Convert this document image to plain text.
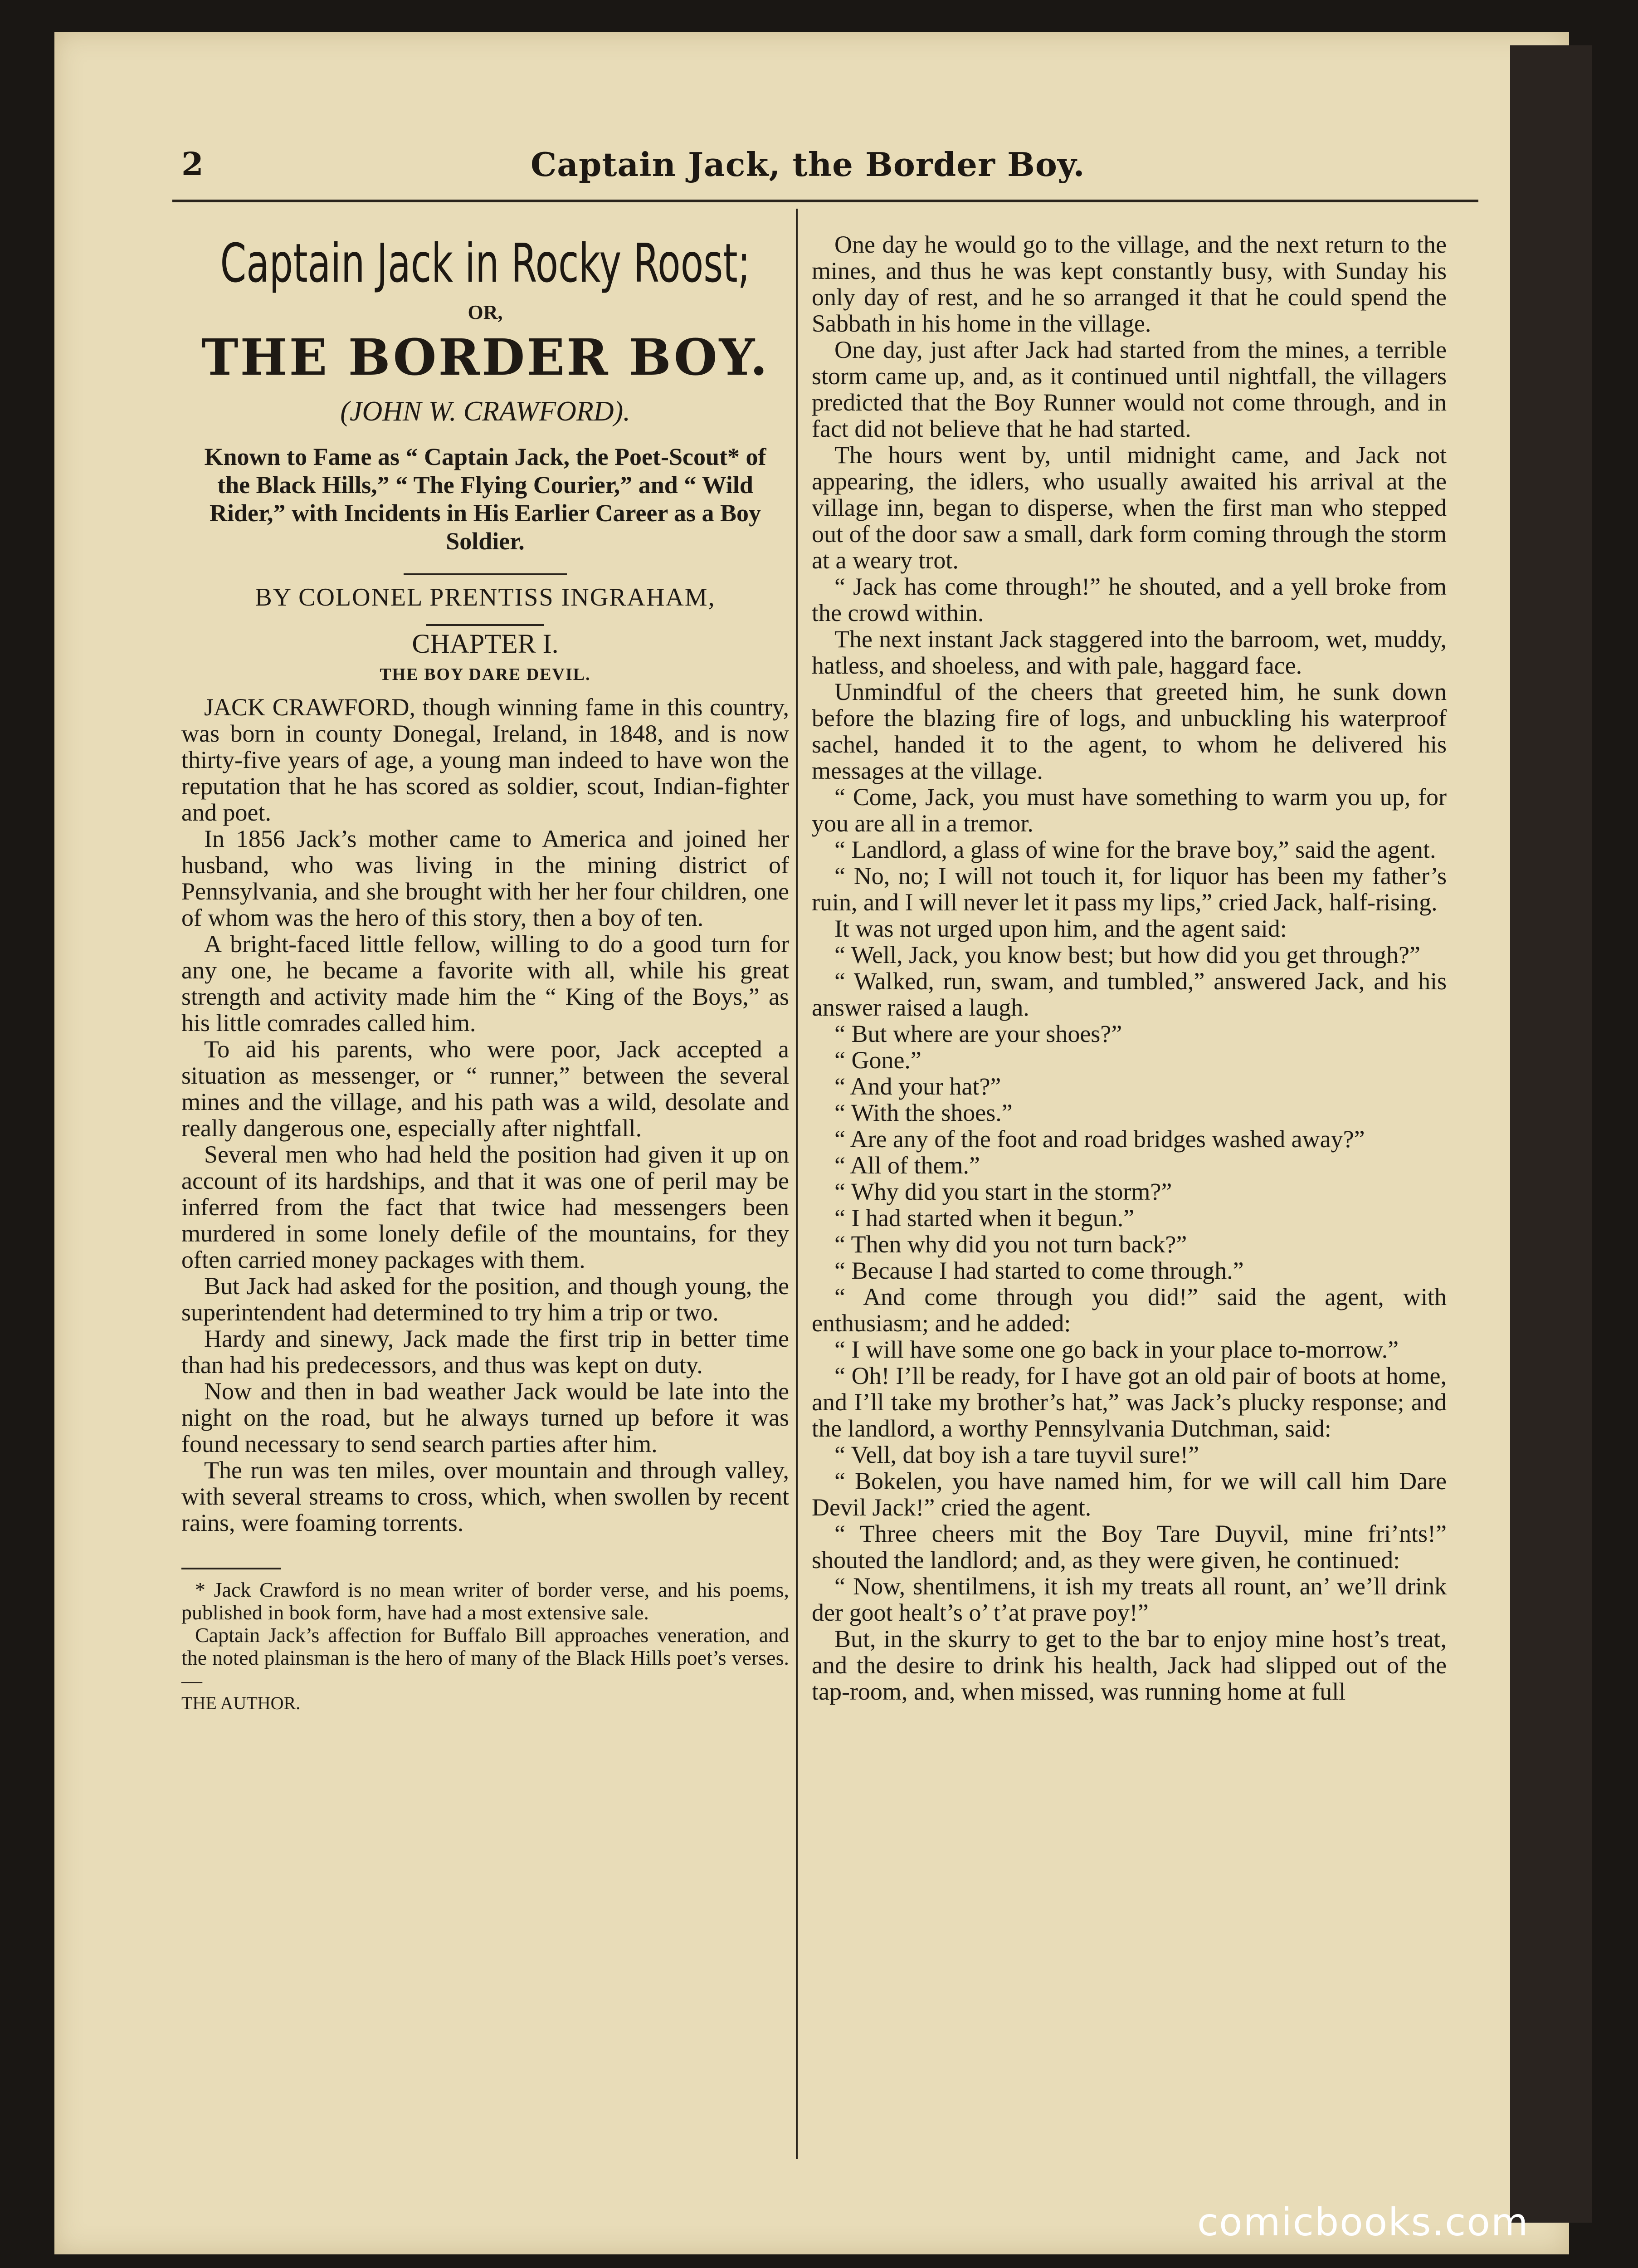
2	Captain Jack, the Border Boy.
Captain Jack in Rocky Roost;
OR,
THE BORDER BOY.
(JOHN W. CRAWFORD).
Known to Fame as “ Captain Jack, the Poet-Scout* of the Black Hills,” “ The Flying Courier,” and “ Wild Rider,” with Incidents in His Earlier Career as a Boy Soldier.
BY COLONEL PRENTISS INGRAHAM,
CHAPTER I.
THE BOY DARE DEVIL.

JACK CRAWFORD, though winning fame in this country, was born in county Donegal, Ireland, in 1848, and is now thirty-five years of age, a young man indeed to have won the reputation that he has scored as soldier, scout, Indian-fighter and poet.

In 1856 Jack’s mother came to America and joined her husband, who was living in the mining district of Pennsylvania, and she brought with her her four children, one of whom was the hero of this story, then a boy of ten.

A bright-faced little fellow, willing to do a good turn for any one, he became a favorite with all, while his great strength and activity made him the “ King of the Boys,” as his little comrades called him.

To aid his parents, who were poor, Jack accepted a situation as messenger, or “ runner,” between the several mines and the village, and his path was a wild, desolate and really dangerous one, especially after nightfall.

Several men who had held the position had given it up on account of its hardships, and that it was one of peril may be inferred from the fact that twice had messengers been murdered in some lonely defile of the mountains, for they often carried money packages with them.

But Jack had asked for the position, and though young, the superintendent had determined to try him a trip or two.

Hardy and sinewy, Jack made the first trip in better time than had his predecessors, and thus was kept on duty.

Now and then in bad weather Jack would be late into the night on the road, but he always turned up before it was found necessary to send search parties after him.

The run was ten miles, over mountain and through valley, with several streams to cross, which, when swollen by recent rains, were foaming torrents.

* Jack Crawford is no mean writer of border verse, and his poems, published in book form, have had a most extensive sale.

Captain Jack’s affection for Buffalo Bill approaches veneration, and the noted plainsman is the hero of many of the Black Hills poet’s verses.—

THE AUTHOR.

One day he would go to the village, and the next return to the mines, and thus he was kept constantly busy, with Sunday his only day of rest, and he so arranged it that he could spend the Sabbath in his home in the village.

One day, just after Jack had started from the mines, a terrible storm came up, and, as it continued until nightfall, the villagers predicted that the Boy Runner would not come through, and in fact did not believe that he had started.

The hours went by, until midnight came, and Jack not appearing, the idlers, who usually awaited his arrival at the village inn, began to disperse, when the first man who stepped out of the door saw a small, dark form coming through the storm at a weary trot.

“ Jack has come through!” he shouted, and a yell broke from the crowd within.

The next instant Jack staggered into the barroom, wet, muddy, hatless, and shoeless, and with pale, haggard face.

Unmindful of the cheers that greeted him, he sunk down before the blazing fire of logs, and unbuckling his waterproof sachel, handed it to the agent, to whom he delivered his messages at the village.

“ Come, Jack, you must have something to warm you up, for you are all in a tremor.

“ Landlord, a glass of wine for the brave boy,” said the agent.

“ No, no; I will not touch it, for liquor has been my father’s ruin, and I will never let it pass my lips,” cried Jack, half-rising.

It was not urged upon him, and the agent said:

“ Well, Jack, you know best; but how did you get through?”

“ Walked, run, swam, and tumbled,” answered Jack, and his answer raised a laugh.

“ But where are your shoes?”

“ Gone.”

“ And your hat?”

“ With the shoes.”

“ Are any of the foot and road bridges washed away?”

“ All of them.”

“ Why did you start in the storm?”

“ I had started when it begun.”

“ Then why did you not turn back?”

“ Because I had started to come through.”

“ And come through you did!” said the agent, with enthusiasm; and he added:

“ I will have some one go back in your place to-morrow.”

“ Oh! I’ll be ready, for I have got an old pair of boots at home, and I’ll take my brother’s hat,” was Jack’s plucky response; and the landlord, a worthy Pennsylvania Dutchman, said:

“ Vell, dat boy ish a tare tuyvil sure!”

“ Bokelen, you have named him, for we will call him Dare Devil Jack!” cried the agent.

“ Three cheers mit the Boy Tare Duyvil, mine fri’nts!” shouted the landlord; and, as they were given, he continued:

“ Now, shentilmens, it ish my treats all rount, an’ we’ll drink der goot healt’s o’ t’at prave poy!”

But, in the skurry to get to the bar to enjoy mine host’s treat, and the desire to drink his health, Jack had slipped out of the tap-room, and, when missed, was running home at full

comicbooks.com
